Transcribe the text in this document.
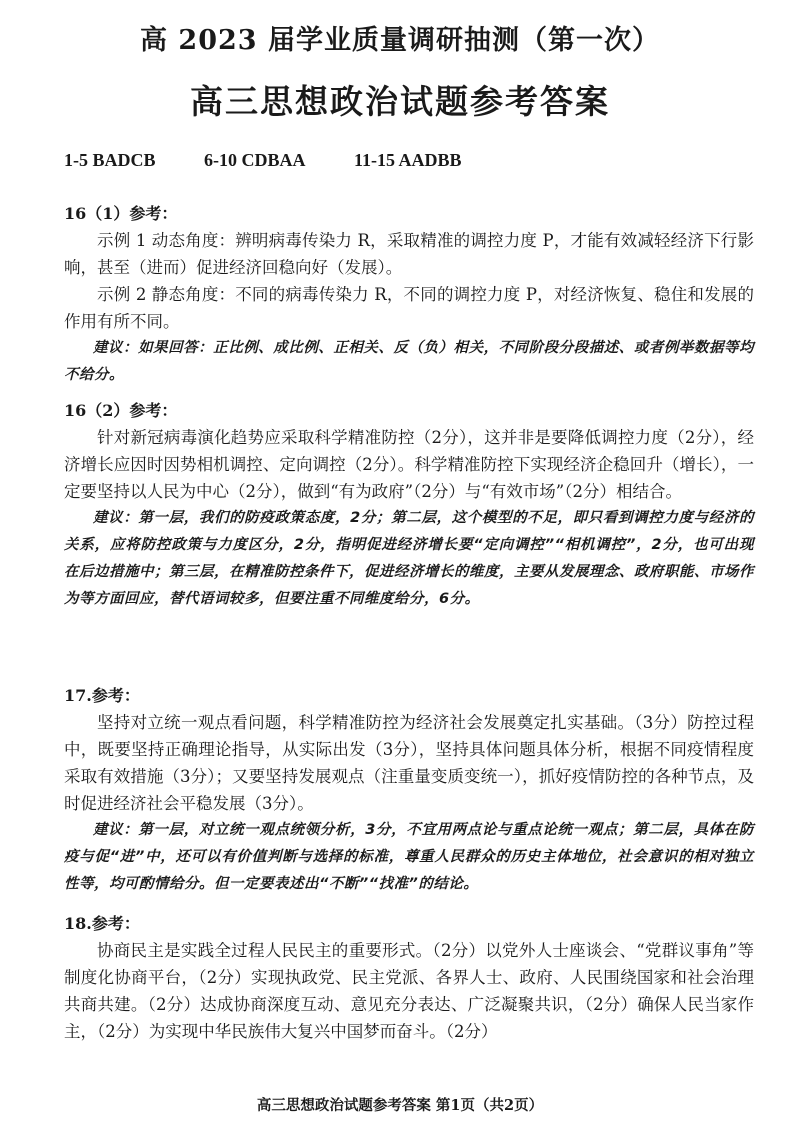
高 2023 届学业质量调研抽测（第一次）
高三思想政治试题参考答案
1-5 BADCB	6-10 CDBAA	11-15 AADBB
16（1）参考：

示例 1 动态角度：辨明病毒传染力 R，采取精准的调控力度 P，才能有效减轻经济下行影响，甚至（进而）促进经济回稳向好（发展）。

示例 2 静态角度：不同的病毒传染力 R，不同的调控力度 P，对经济恢复、稳住和发展的作用有所不同。

建议：如果回答：正比例、成比例、正相关、反（负）相关，不同阶段分段描述、或者例举数据等均不给分。

16（2）参考：

针对新冠病毒演化趋势应采取科学精准防控（2分），这并非是要降低调控力度（2分），经济增长应因时因势相机调控、定向调控（2分）。科学精准防控下实现经济企稳回升（增长），一定要坚持以人民为中心（2分），做到“有为政府”（2分）与“有效市场”（2分）相结合。

建议：第一层，我们的防疫政策态度，2分；第二层，这个模型的不足，即只看到调控力度与经济的关系，应将防控政策与力度区分，2分，指明促进经济增长要“定向调控”“相机调控”，2分，也可出现在后边措施中；第三层，在精准防控条件下，促进经济增长的维度，主要从发展理念、政府职能、市场作为等方面回应，替代语词较多，但要注重不同维度给分，6分。

17.参考：

坚持对立统一观点看问题，科学精准防控为经济社会发展奠定扎实基础。（3分）防控过程中，既要坚持正确理论指导，从实际出发（3分），坚持具体问题具体分析，根据不同疫情程度采取有效措施（3分）；又要坚持发展观点（注重量变质变统一），抓好疫情防控的各种节点，及时促进经济社会平稳发展（3分）。

建议：第一层，对立统一观点统领分析，3分，不宜用两点论与重点论统一观点；第二层，具体在防疫与促“进”中，还可以有价值判断与选择的标准，尊重人民群众的历史主体地位，社会意识的相对独立性等，均可酌情给分。但一定要表述出“不断”“找准”的结论。

18.参考：

协商民主是实践全过程人民民主的重要形式。（2分）以党外人士座谈会、“党群议事角”等制度化协商平台，（2分）实现执政党、民主党派、各界人士、政府、人民围绕国家和社会治理共商共建。（2分）达成协商深度互动、意见充分表达、广泛凝聚共识，（2分）确保人民当家作主，（2分）为实现中华民族伟大复兴中国梦而奋斗。（2分）

高三思想政治试题参考答案 第1页（共2页）
